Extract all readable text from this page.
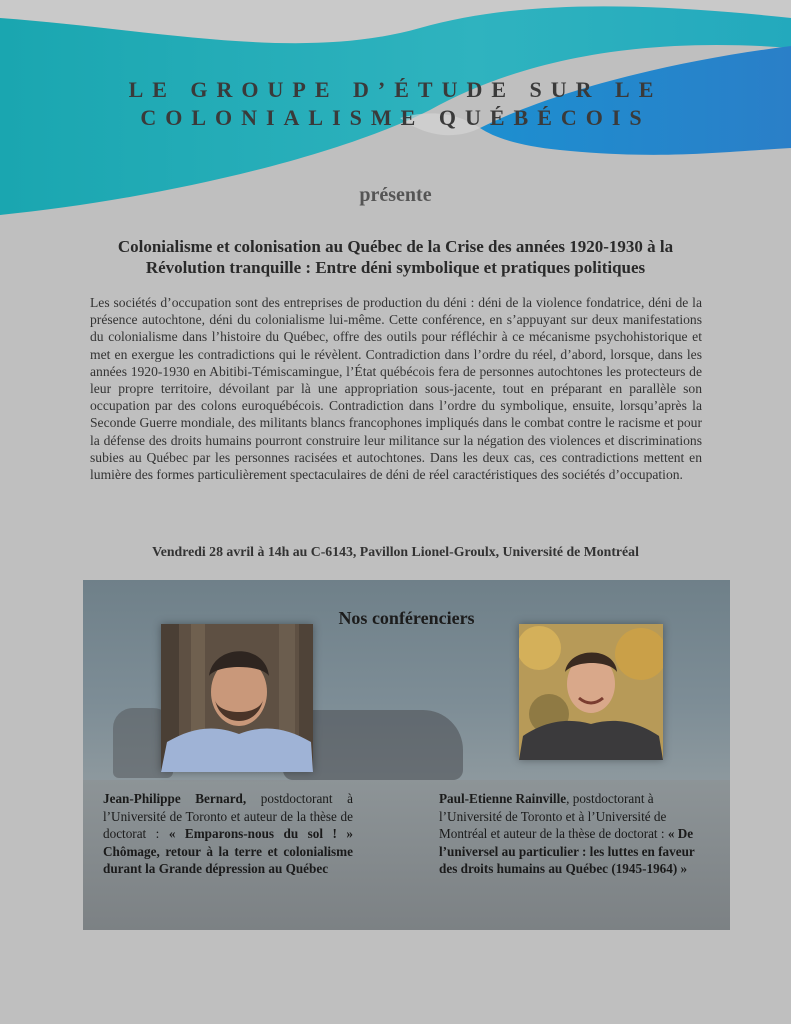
LE GROUPE D’ÉTUDE SUR LE
COLONIALISME QUÉBÉCOIS
présente
Colonialisme et colonisation au Québec de la Crise des années 1920-1930 à la
Révolution tranquille : Entre déni symbolique et pratiques politiques
Les sociétés d’occupation sont des entreprises de production du déni : déni de la violence fondatrice, déni de la présence autochtone, déni du colonialisme lui-même. Cette conférence, en s’appuyant sur deux manifestations du colonialisme dans l’histoire du Québec, offre des outils pour réfléchir à ce mécanisme psychohistorique et met en exergue les contradictions qui le révèlent. Contradiction dans l’ordre du réel, d’abord, lorsque, dans les années 1920-1930 en Abitibi-Témiscamingue, l’État québécois fera de personnes autochtones les protecteurs de leur propre territoire, dévoilant par là une appropriation sous-jacente, tout en préparant en parallèle son occupation par des colons euroquébécois. Contradiction dans l’ordre du symbolique, ensuite, lorsqu’après la Seconde Guerre mondiale, des militants blancs francophones impliqués dans le combat contre le racisme et pour la défense des droits humains pourront construire leur militance sur la négation des violences et discriminations subies au Québec par les personnes racisées et autochtones. Dans les deux cas, ces contradictions mettent en lumière des formes particulièrement spectaculaires de déni de réel caractéristiques des sociétés d’occupation.
Vendredi 28 avril à 14h au C-6143, Pavillon Lionel-Groulx, Université de Montréal
Nos conférenciers
Jean-Philippe Bernard, postdoctorant à l’Université de Toronto et auteur de la thèse de doctorat : « Emparons-nous du sol ! » Chômage, retour à la terre et colonialisme durant la Grande dépression au Québec
Paul-Etienne Rainville, postdoctorant à l’Université de Toronto et à l’Université de Montréal et auteur de la thèse de doctorat : « De l’universel au particulier : les luttes en faveur des droits humains au Québec (1945-1964) »
